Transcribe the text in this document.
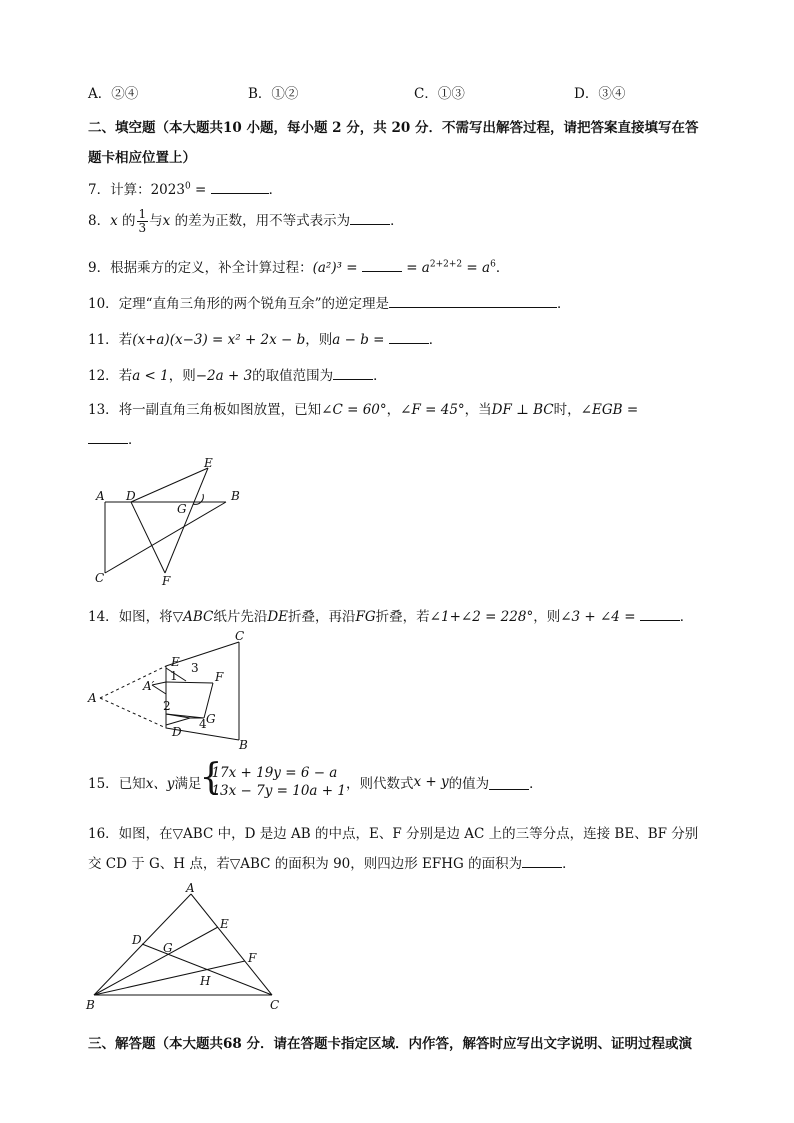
A．②④	B．①②	C．①③	D．③④
二、填空题（本大题共10 小题，每小题 2 分，共 20 分．不需写出解答过程，请把答案直接填写在答
题卡相应位置上）
7．计算：$2023^0$ =	．
8．x 的 $\frac{1}{3}$ 与x 的差为正数，用不等式表示为	．
9．根据乘方的定义，补全计算过程：(a²)³ =	= $a^{2+2+2} = a^6$．
10．定理“直角三角形的两个锐角互余”的逆定理是	．
11．若(x+a)(x−3) = x² + 2x − b，则a − b =	．
12．若a < 1，则−2a + 3的取值范围为	．
13．将一副直角三角板如图放置，已知∠C = 60°，∠F = 45°，当DF ⊥ BC时，∠EGB =
．
A D
E
G
B
C	F
14．如图，将▽ABC纸片先沿DE折叠，再沿FG折叠，若∠1+∠2 = 228°，则∠3 + ∠4 =	．
C
E 3
1	F
A′
A
2
G
4
D
B
15．已知x、y满足
{
17x + 19y = 6 − a
13x − 7y = 10a + 1 ，则代数式x + y的值为	．
16．如图，在▽ABC 中，D 是边 AB 的中点，E、F 分别是边 AC 上的三等分点，连接 BE、BF 分别
交 CD 于 G、H 点，若▽ABC 的面积为 90，则四边形 EFHG 的面积为	．
A
E
D
G
F
H
B	C
三、解答题（本大题共68 分．请在答题卡指定区域．内作答，解答时应写出文字说明、证明过程或演
